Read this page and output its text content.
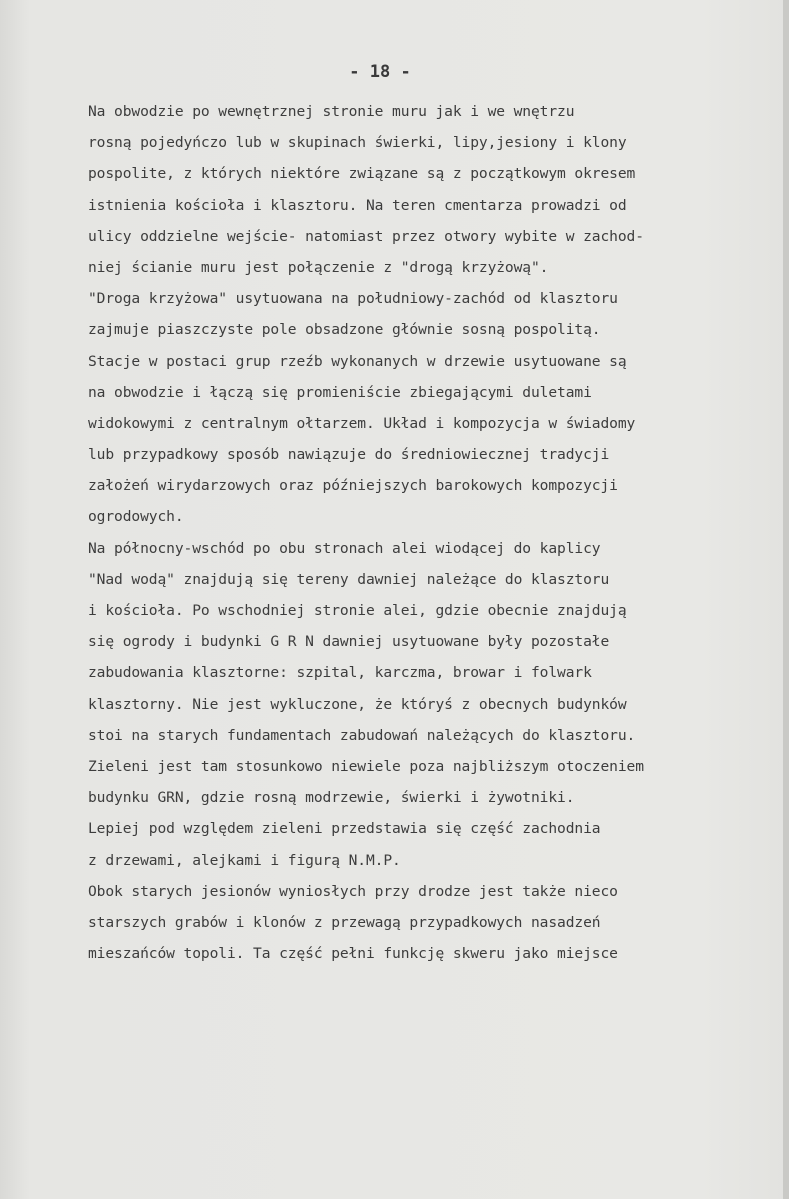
- 18 -
Na obwodzie po wewnętrznej stronie muru jak i we wnętrzu
rosną pojedyńczo lub w skupinach świerki, lipy,jesiony i klony
pospolite, z których niektóre związane są z początkowym okresem
istnienia kościoła i klasztoru. Na teren cmentarza prowadzi od
ulicy oddzielne wejście- natomiast przez otwory wybite w zachod-
niej ścianie muru jest połączenie z "drogą krzyżową".
"Droga krzyżowa" usytuowana na południowy-zachód od klasztoru
zajmuje piaszczyste pole obsadzone głównie sosną pospolitą.
Stacje w postaci grup rzeźb wykonanych w drzewie usytuowane są
na obwodzie i łączą się promieniście zbiegającymi duletami
widokowymi z centralnym ołtarzem. Układ i kompozycja w świadomy
lub przypadkowy sposób nawiązuje do średniowiecznej tradycji
założeń wirydarzowych oraz późniejszych barokowych kompozycji
ogrodowych.
Na północny-wschód po obu stronach alei wiodącej do kaplicy
"Nad wodą" znajdują się tereny dawniej należące do klasztoru
i kościoła. Po wschodniej stronie alei, gdzie obecnie znajdują
się ogrody i budynki G R N dawniej usytuowane były pozostałe
zabudowania klasztorne: szpital, karczma, browar i folwark
klasztorny. Nie jest wykluczone, że któryś z obecnych budynków
stoi na starych fundamentach zabudowań należących do klasztoru.
Zieleni jest tam stosunkowo niewiele poza najbliższym otoczeniem
budynku GRN, gdzie rosną modrzewie, świerki i żywotniki.
Lepiej pod względem zieleni przedstawia się część zachodnia
z drzewami, alejkami i figurą N.M.P.
Obok starych jesionów wyniosłych przy drodze jest także nieco
starszych grabów i klonów z przewagą przypadkowych nasadzeń
mieszańców topoli. Ta część pełni funkcję skweru jako miejsce
